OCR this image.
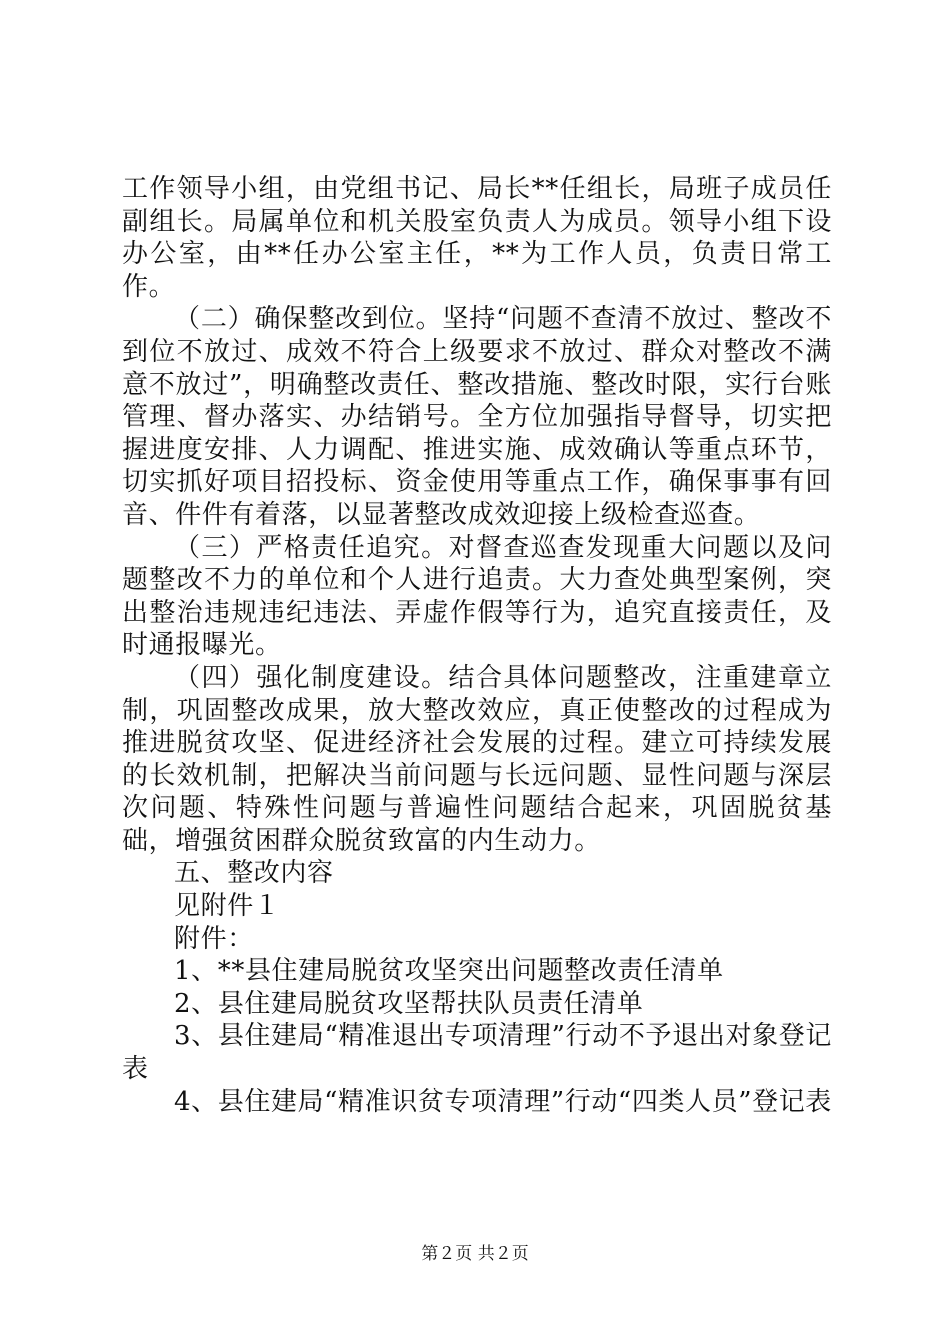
工作领导小组，由党组书记、局长**任组长，局班子成员任副组长。局属单位和机关股室负责人为成员。领导小组下设办公室，由**任办公室主任，**为工作人员，负责日常工作。

（二）确保整改到位。坚持“问题不查清不放过、整改不到位不放过、成效不符合上级要求不放过、群众对整改不满意不放过”，明确整改责任、整改措施、整改时限，实行台账管理、督办落实、办结销号。全方位加强指导督导，切实把握进度安排、人力调配、推进实施、成效确认等重点环节，切实抓好项目招投标、资金使用等重点工作，确保事事有回音、件件有着落，以显著整改成效迎接上级检查巡查。

（三）严格责任追究。对督查巡查发现重大问题以及问题整改不力的单位和个人进行追责。大力查处典型案例，突出整治违规违纪违法、弄虚作假等行为，追究直接责任，及时通报曝光。

（四）强化制度建设。结合具体问题整改，注重建章立制，巩固整改成果，放大整改效应，真正使整改的过程成为推进脱贫攻坚、促进经济社会发展的过程。建立可持续发展的长效机制，把解决当前问题与长远问题、显性问题与深层次问题、特殊性问题与普遍性问题结合起来，巩固脱贫基础，增强贫困群众脱贫致富的内生动力。

五、整改内容

见附件１

附件：

1、**县住建局脱贫攻坚突出问题整改责任清单

2、县住建局脱贫攻坚帮扶队员责任清单

3、县住建局“精准退出专项清理”行动不予退出对象登记表

4、县住建局“精准识贫专项清理”行动“四类人员”登记表

第２页 共２页
